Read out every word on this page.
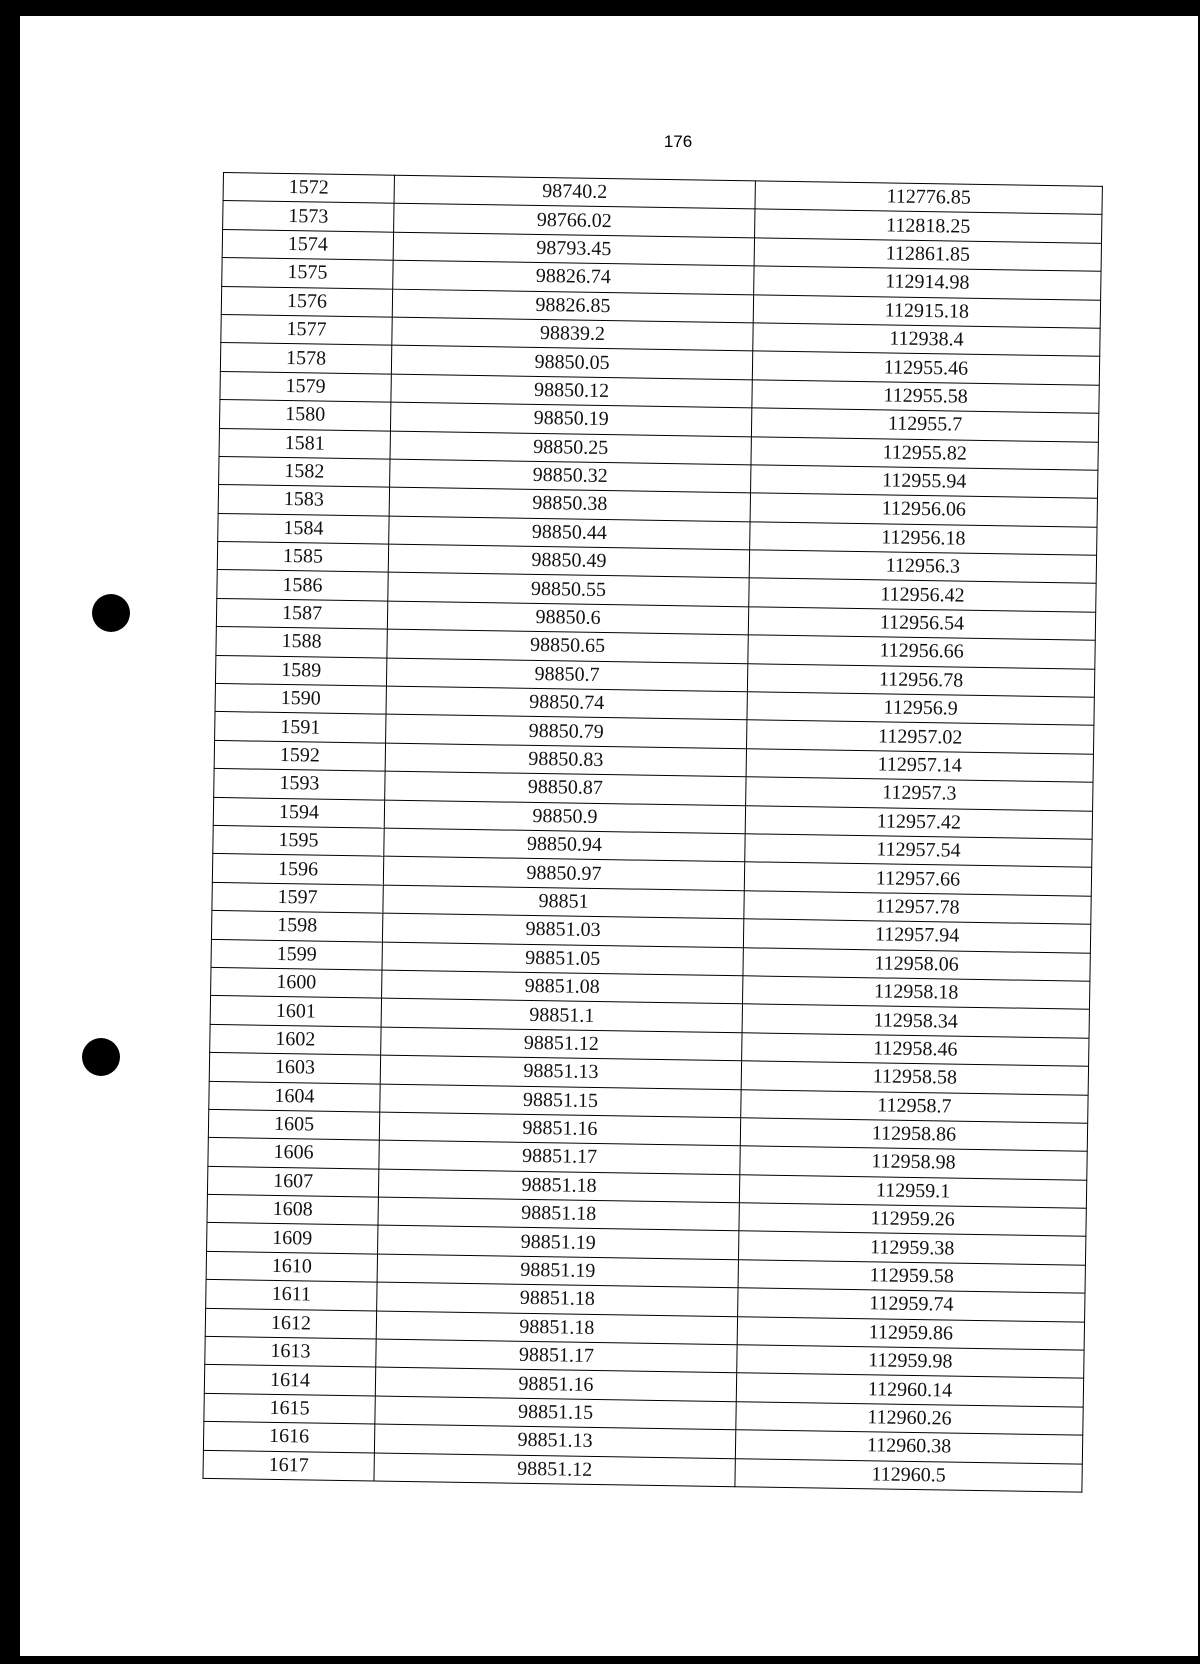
176
1572	98740.2	112776.85
1573	98766.02	112818.25
1574	98793.45	112861.85
1575	98826.74	112914.98
1576	98826.85	112915.18
1577	98839.2	112938.4
1578	98850.05	112955.46
1579	98850.12	112955.58
1580	98850.19	112955.7
1581	98850.25	112955.82
1582	98850.32	112955.94
1583	98850.38	112956.06
1584	98850.44	112956.18
1585	98850.49	112956.3
1586	98850.55	112956.42
1587	98850.6	112956.54
1588	98850.65	112956.66
1589	98850.7	112956.78
1590	98850.74	112956.9
1591	98850.79	112957.02
1592	98850.83	112957.14
1593	98850.87	112957.3
1594	98850.9	112957.42
1595	98850.94	112957.54
1596	98850.97	112957.66
1597	98851	112957.78
1598	98851.03	112957.94
1599	98851.05	112958.06
1600	98851.08	112958.18
1601	98851.1	112958.34
1602	98851.12	112958.46
1603	98851.13	112958.58
1604	98851.15	112958.7
1605	98851.16	112958.86
1606	98851.17	112958.98
1607	98851.18	112959.1
1608	98851.18	112959.26
1609	98851.19	112959.38
1610	98851.19	112959.58
1611	98851.18	112959.74
1612	98851.18	112959.86
1613	98851.17	112959.98
1614	98851.16	112960.14
1615	98851.15	112960.26
1616	98851.13	112960.38
1617	98851.12	112960.5
